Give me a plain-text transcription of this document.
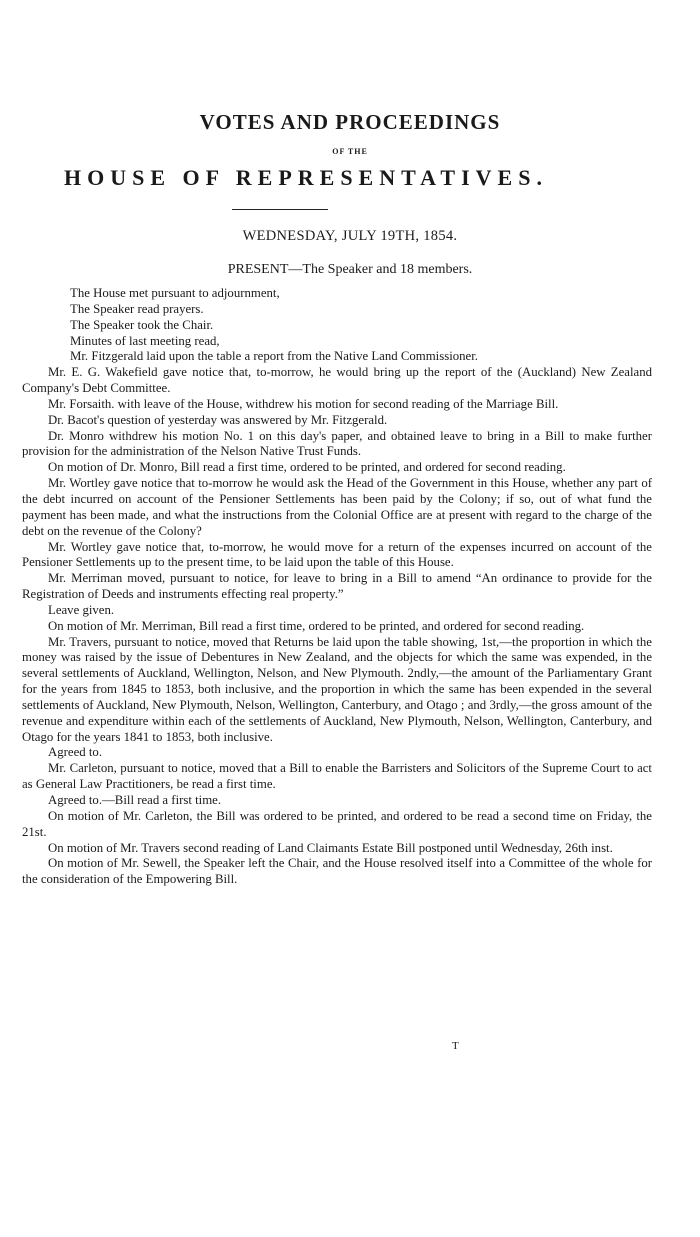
VOTES AND PROCEEDINGS
OF THE
HOUSE OF REPRESENTATIVES.
WEDNESDAY, JULY 19TH, 1854.
PRESENT—The Speaker and 18 members.

The House met pursuant to adjournment,

The Speaker read prayers.

The Speaker took the Chair.

Minutes of last meeting read,

Mr. Fitzgerald laid upon the table a report from the Native Land Commissioner.

Mr. E. G. Wakefield gave notice that, to-morrow, he would bring up the report of the (Auckland) New Zealand Company's Debt Committee.

Mr. Forsaith. with leave of the House, withdrew his motion for second reading of the Marriage Bill.

Dr. Bacot's question of yesterday was answered by Mr. Fitzgerald.

Dr. Monro withdrew his motion No. 1 on this day's paper, and obtained leave to bring in a Bill to make further provision for the administration of the Nelson Native Trust Funds.

On motion of Dr. Monro, Bill read a first time, ordered to be printed, and ordered for second reading.

Mr. Wortley gave notice that to-morrow he would ask the Head of the Government in this House, whether any part of the debt incurred on account of the Pensioner Settlements has been paid by the Colony; if so, out of what fund the payment has been made, and what the instructions from the Colonial Office are at present with regard to the charge of the debt on the revenue of the Colony?

Mr. Wortley gave notice that, to-morrow, he would move for a return of the expenses incurred on account of the Pensioner Settlements up to the present time, to be laid upon the table of this House.

Mr. Merriman moved, pursuant to notice, for leave to bring in a Bill to amend “An ordinance to provide for the Registration of Deeds and instruments effecting real property.”

Leave given.

On motion of Mr. Merriman, Bill read a first time, ordered to be printed, and ordered for second reading.

Mr. Travers, pursuant to notice, moved that Returns be laid upon the table showing, 1st,—the proportion in which the money was raised by the issue of Debentures in New Zealand, and the objects for which the same was expended, in the several settlements of Auckland, Wellington, Nelson, and New Plymouth. 2ndly,—the amount of the Parliamentary Grant for the years from 1845 to 1853, both inclusive, and the proportion in which the same has been expended in the several settlements of Auckland, New Plymouth, Nelson, Wellington, Canterbury, and Otago ; and 3rdly,—the gross amount of the revenue and expenditure within each of the settlements of Auckland, New Plymouth, Nelson, Wellington, Canterbury, and Otago for the years 1841 to 1853, both inclusive.

Agreed to.

Mr. Carleton, pursuant to notice, moved that a Bill to enable the Barristers and Solicitors of the Supreme Court to act as General Law Practitioners, be read a first time.

Agreed to.—Bill read a first time.

On motion of Mr. Carleton, the Bill was ordered to be printed, and ordered to be read a second time on Friday, the 21st.

On motion of Mr. Travers second reading of Land Claimants Estate Bill postponed until Wednesday, 26th inst.

On motion of Mr. Sewell, the Speaker left the Chair, and the House resolved itself into a Committee of the whole for the consideration of the Empowering Bill.

T
